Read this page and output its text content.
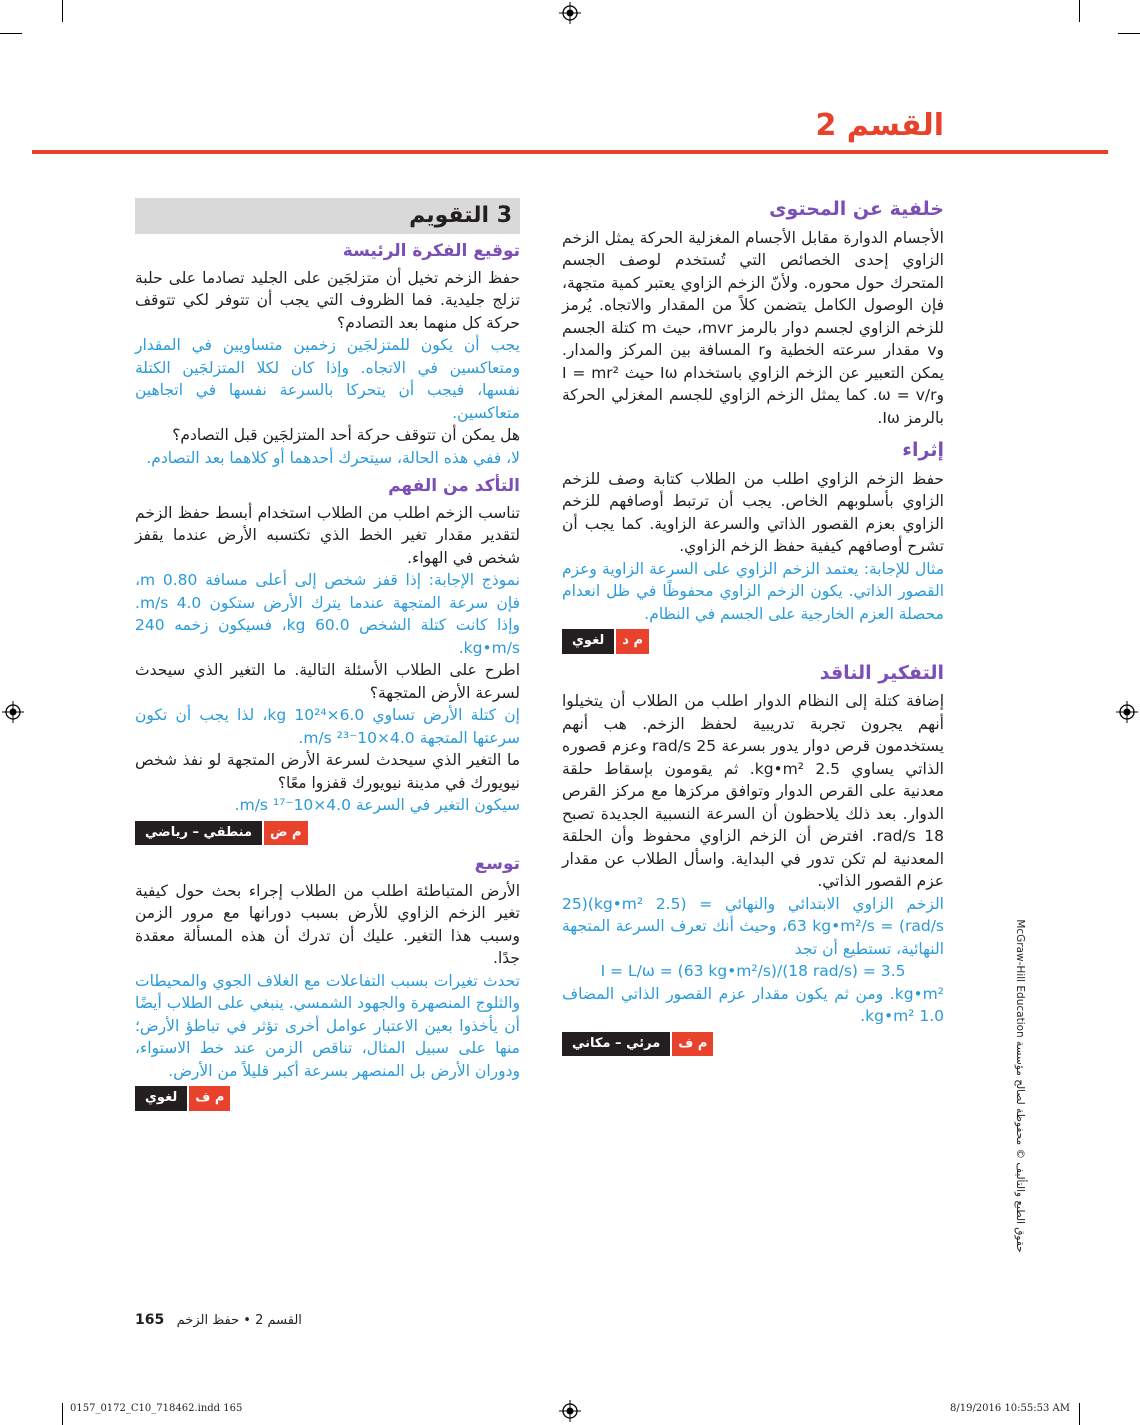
القسم 2
خلفية عن المحتوى

الأجسام الدوارة مقابل الأجسام المغزلية الحركة يمثل الزخم الزاوي إحدى الخصائص التي تُستخدم لوصف الجسم المتحرك حول محوره. ولأنّ الزخم الزاوي يعتبر كمية متجهة، فإن الوصول الكامل يتضمن كلاً من المقدار والاتجاه. يُرمز للزخم الزاوي لجسم دوار بالرمز mvr، حيث m كتلة الجسم وv مقدار سرعته الخطية وr المسافة بين المركز والمدار. يمكن التعبير عن الزخم الزاوي باستخدام Iω حيث I = mr² وω = v/r. كما يمثل الزخم الزاوي للجسم المغزلي الحركة بالرمز Iω.

إثراء

حفظ الزخم الزاوي اطلب من الطلاب كتابة وصف للزخم الزاوي بأسلوبهم الخاص. يجب أن ترتبط أوصافهم للزخم الزاوي بعزم القصور الذاتي والسرعة الزاوية. كما يجب أن تشرح أوصافهم كيفية حفظ الزخم الزاوي.

مثال للإجابة: يعتمد الزخم الزاوي على السرعة الزاوية وعزم القصور الذاتي. يكون الزخم الزاوي محفوظًا في ظل انعدام محصلة العزم الخارجية على الجسم في النظام.

لغوي	م د
التفكير الناقد

إضافة كتلة إلى النظام الدوار اطلب من الطلاب أن يتخيلوا أنهم يجرون تجربة تدريبية لحفظ الزخم. هب أنهم يستخدمون قرص دوار يدور بسرعة 25 rad/s وعزم قصوره الذاتي يساوي 2.5 kg•m². ثم يقومون بإسقاط حلقة معدنية على القرص الدوار وتوافق مركزها مع مركز القرص الدوار. بعد ذلك يلاحظون أن السرعة النسبية الجديدة تصبح 18 rad/s. افترض أن الزخم الزاوي محفوظ وأن الحلقة المعدنية لم تكن تدور في البداية. واسأل الطلاب عن مقدار عزم القصور الذاتي.

الزخم الزاوي الابتدائي والنهائي = (2.5 kg•m²)(25 rad/s) = 63 kg•m²/s، وحيث أنك تعرف السرعة المتجهة النهائية، تستطيع أن تجد

I = L/ω = (63 kg•m²/s)/(18 rad/s) = 3.5

kg•m². ومن ثم يكون مقدار عزم القصور الذاتي المضاف 1.0 kg•m².

مرئي – مكاني	م ف
3 التقويم
توقيع الفكرة الرئيسة

حفظ الزخم تخيل أن متزلجَين على الجليد تصادما على حلبة تزلج جليدية. فما الظروف التي يجب أن تتوفر لكي تتوقف حركة كل منهما بعد التصادم؟

يجب أن يكون للمتزلجَين زخمين متساويين في المقدار ومتعاكسين في الاتجاه. وإذا كان لكلا المتزلجَين الكتلة نفسها، فيجب أن يتحركا بالسرعة نفسها في اتجاهين متعاكسين.

هل يمكن أن تتوقف حركة أحد المتزلجَين قبل التصادم؟

لا، ففي هذه الحالة، سيتحرك أحدهما أو كلاهما بعد التصادم.

التأكد من الفهم

تناسب الزخم اطلب من الطلاب استخدام أبسط حفظ الزخم لتقدير مقدار تغير الخط الذي تكتسبه الأرض عندما يقفز شخص في الهواء.

نموذج الإجابة: إذا قفز شخص إلى أعلى مسافة 0.80 m، فإن سرعة المتجهة عندما يترك الأرض ستكون 4.0 m/s. وإذا كانت كتلة الشخص 60.0 kg، فسيكون زخمه 240 kg•m/s.

اطرح على الطلاب الأسئلة التالية. ما التغير الذي سيحدث لسرعة الأرض المتجهة؟

إن كتلة الأرض تساوي 6.0×10²⁴ kg، لذا يجب أن تكون سرعتها المتجهة 4.0×10⁻²³ m/s.

ما التغير الذي سيحدث لسرعة الأرض المتجهة لو نفذ شخص نيويورك في مدينة نيويورك قفزوا معًا؟

سيكون التغير في السرعة 4.0×10⁻¹⁷ m/s.

منطقي – رياضي	م ض
توسع

الأرض المتباطئة اطلب من الطلاب إجراء بحث حول كيفية تغير الزخم الزاوي للأرض بسبب دورانها مع مرور الزمن وسبب هذا التغير. عليك أن تدرك أن هذه المسألة معقدة جدًا.

تحدث تغيرات بسبب التفاعلات مع الغلاف الجوي والمحيطات والثلوج المنصهرة والجهود الشمسي. ينبغي على الطلاب أيضًا أن يأخذوا بعين الاعتبار عوامل أخرى تؤثر في تباطؤ الأرض؛ منها على سبيل المثال، تناقص الزمن عند خط الاستواء، ودوران الأرض بل المنصهر بسرعة أكبر قليلاً من الأرض.

لغوي	م ف
حقوق الطبع والتأليف © محفوظة لصالح مؤسسة McGraw-Hill Education
165 القسم 2 • حفظ الزخم
0157_0172_C10_718462.indd 165	8/19/2016 10:55:53 AM
